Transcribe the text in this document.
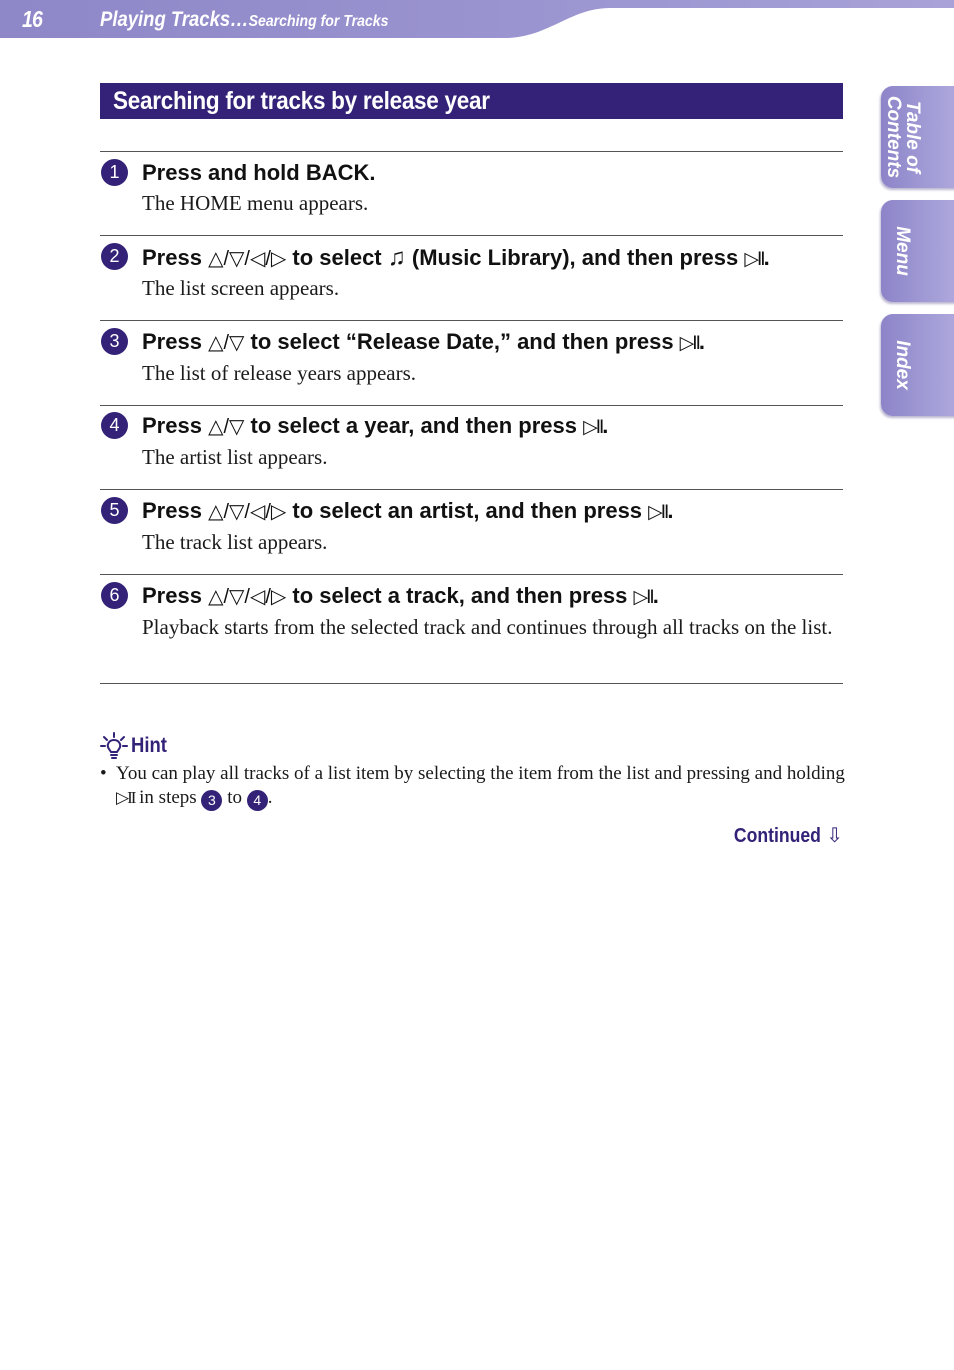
16	Playing Tracks…Searching for Tracks
Table of
Contents
Menu
Index
Searching for tracks by release year
1	Press and hold BACK.
The HOME menu appears.
2	Press △/▽/◁/▷ to select ♫ (Music Library), and then press ▷II.
The list screen appears.
3	Press △/▽ to select “Release Date,” and then press ▷II.
The list of release years appears.
4	Press △/▽ to select a year, and then press ▷II.
The artist list appears.
5	Press △/▽/◁/▷ to select an artist, and then press ▷II.
The track list appears.
6	Press △/▽/◁/▷ to select a track, and then press ▷II.
Playback starts from the selected track and continues through all tracks on the list.
Hint
• You can play all tracks of a list item by selecting the item from the list and pressing and holding ▷II in steps 3 to 4 .
Continued ⇩
